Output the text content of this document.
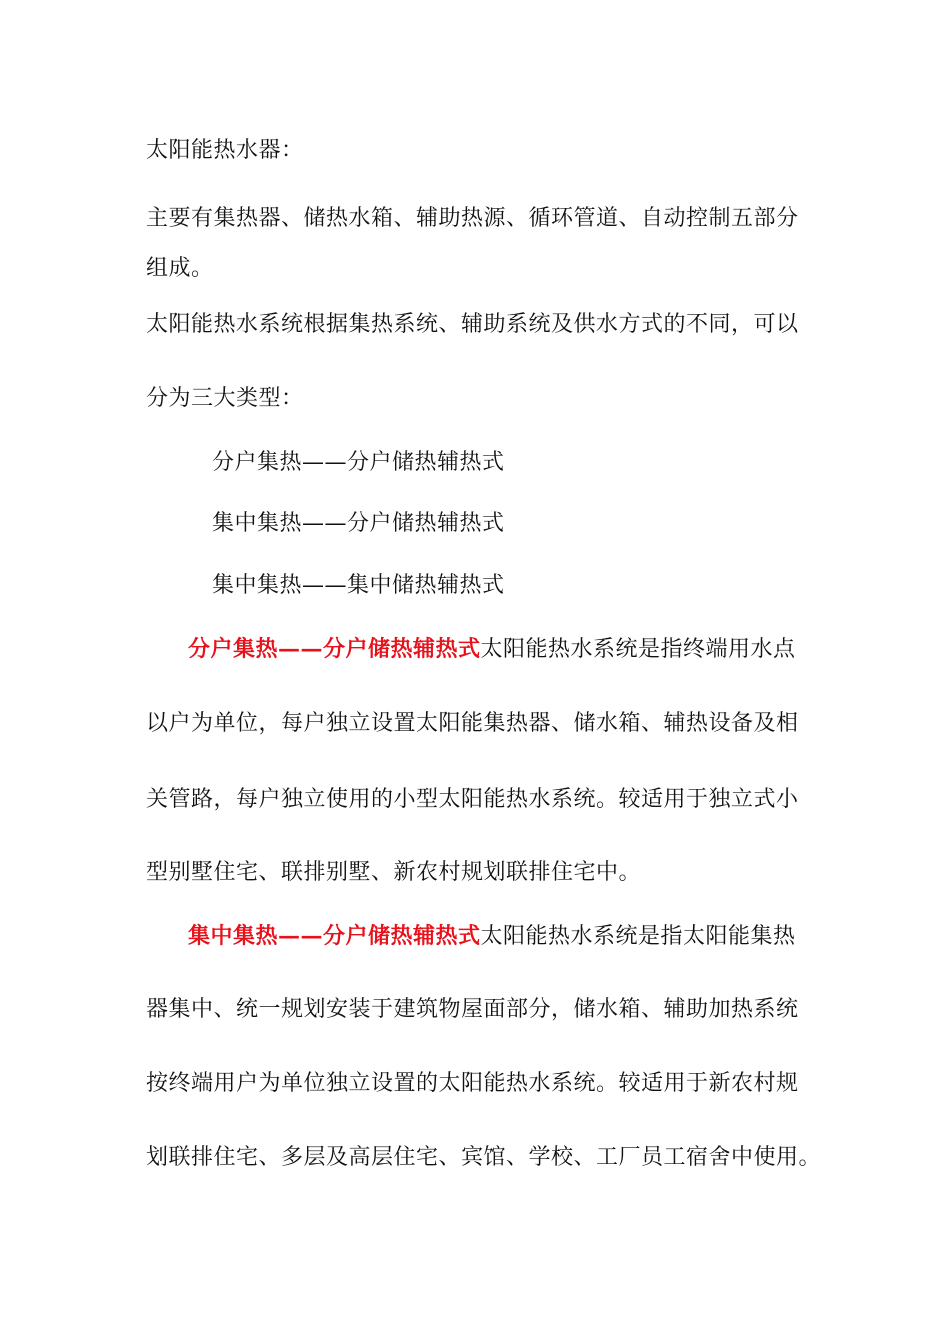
太阳能热水器：
主要有集热器、储热水箱、辅助热源、循环管道、自动控制五部分
组成。
太阳能热水系统根据集热系统、辅助系统及供水方式的不同，可以
分为三大类型：
分户集热——分户储热辅热式
集中集热——分户储热辅热式
集中集热——集中储热辅热式
分户集热——分户储热辅热式太阳能热水系统是指终端用水点
以户为单位，每户独立设置太阳能集热器、储水箱、辅热设备及相
关管路，每户独立使用的小型太阳能热水系统。较适用于独立式小
型别墅住宅、联排别墅、新农村规划联排住宅中。
集中集热——分户储热辅热式太阳能热水系统是指太阳能集热
器集中、统一规划安装于建筑物屋面部分，储水箱、辅助加热系统
按终端用户为单位独立设置的太阳能热水系统。较适用于新农村规
划联排住宅、多层及高层住宅、宾馆、学校、工厂员工宿舍中使用。
